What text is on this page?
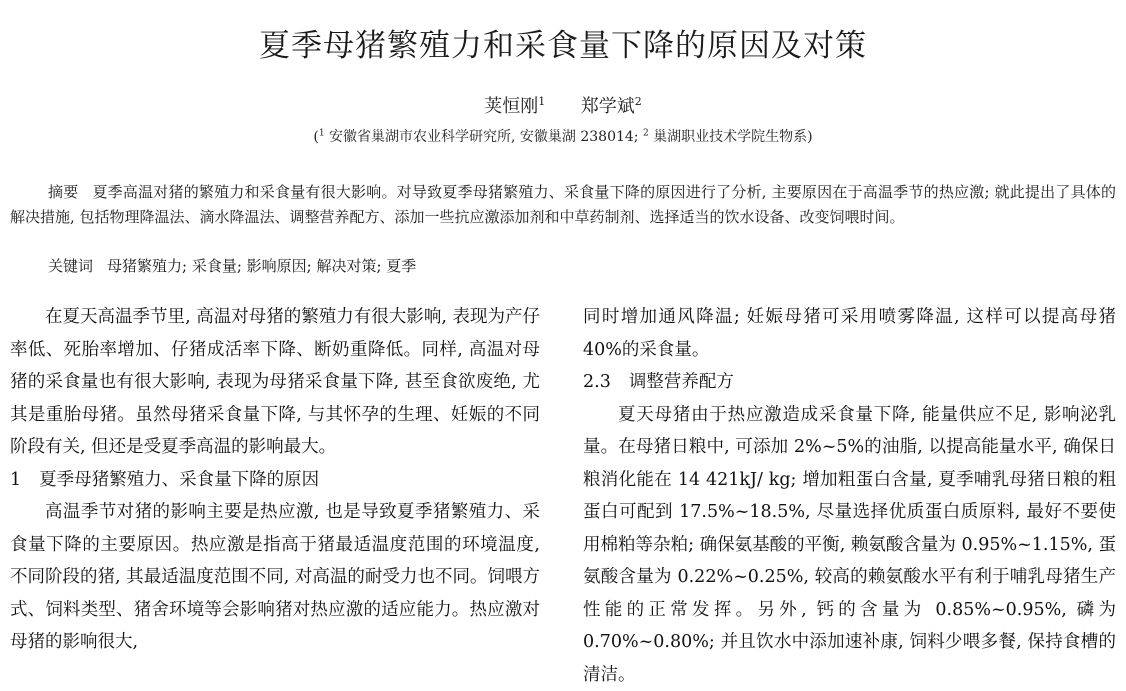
夏季母猪繁殖力和采食量下降的原因及对策
荚恒刚$^1$ 郑学斌$^2$
($^1$ 安徽省巢湖市农业科学研究所, 安徽巢湖 238014; $^2$ 巢湖职业技术学院生物系)
摘要 夏季高温对猪的繁殖力和采食量有很大影响。对导致夏季母猪繁殖力、采食量下降的原因进行了分析, 主要原因在于高温季节的热应激; 就此提出了具体的解决措施, 包括物理降温法、滴水降温法、调整营养配方、添加一些抗应激添加剂和中草药制剂、选择适当的饮水设备、改变饲喂时间。
关键词 母猪繁殖力; 采食量; 影响原因; 解决对策; 夏季

在夏天高温季节里, 高温对母猪的繁殖力有很大影响, 表现为产仔率低、死胎率增加、仔猪成活率下降、断奶重降低。同样, 高温对母猪的采食量也有很大影响, 表现为母猪采食量下降, 甚至食欲废绝, 尤其是重胎母猪。虽然母猪采食量下降, 与其怀孕的生理、妊娠的不同阶段有关, 但还是受夏季高温的影响最大。

1 夏季母猪繁殖力、采食量下降的原因

高温季节对猪的影响主要是热应激, 也是导致夏季猪繁殖力、采食量下降的主要原因。热应激是指高于猪最适温度范围的环境温度, 不同阶段的猪, 其最适温度范围不同, 对高温的耐受力也不同。饲喂方式、饲料类型、猪舍环境等会影响猪对热应激的适应能力。热应激对母猪的影响很大,

同时增加通风降温; 妊娠母猪可采用喷雾降温, 这样可以提高母猪 40%的采食量。

2.3 调整营养配方

夏天母猪由于热应激造成采食量下降, 能量供应不足, 影响泌乳量。在母猪日粮中, 可添加 2%~5%的油脂, 以提高能量水平, 确保日粮消化能在 14 421kJ/ kg; 增加粗蛋白含量, 夏季哺乳母猪日粮的粗蛋白可配到 17.5%~18.5%, 尽量选择优质蛋白质原料, 最好不要使用棉粕等杂粕; 确保氨基酸的平衡, 赖氨酸含量为 0.95%~1.15%, 蛋氨酸含量为 0.22%~0.25%, 较高的赖氨酸水平有利于哺乳母猪生产性能的正常发挥。另外, 钙的含量为 0.85%~0.95%, 磷为 0.70%~0.80%; 并且饮水中添加速补康, 饲料少喂多餐, 保持食槽的清洁。
